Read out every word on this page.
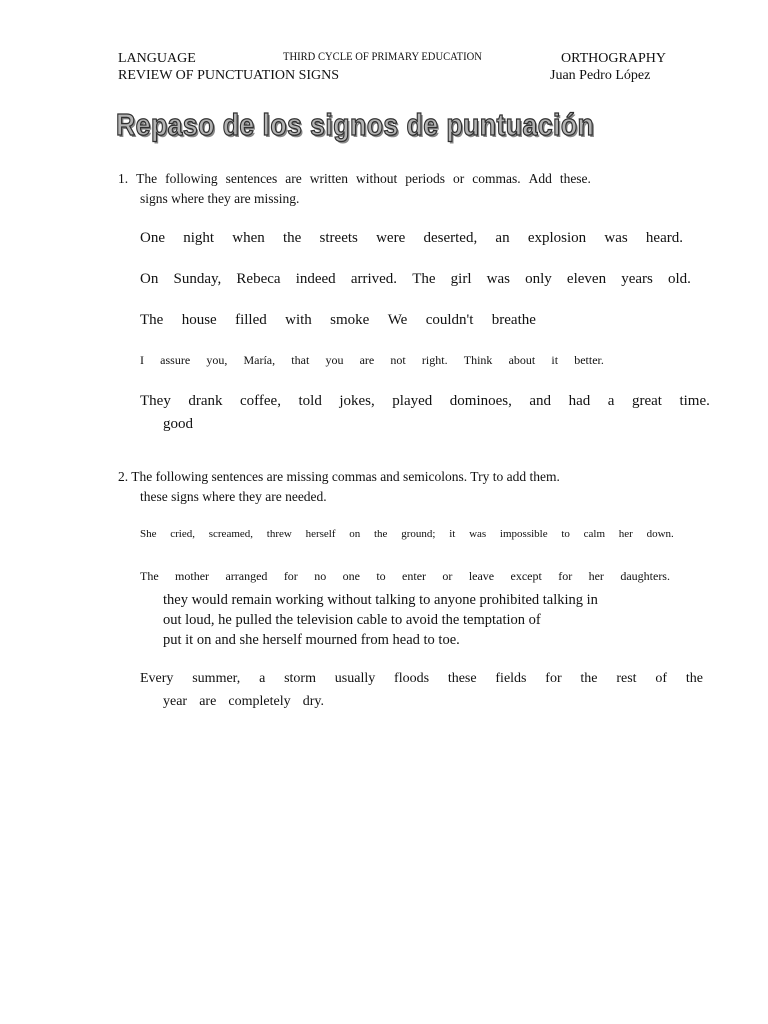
LANGUAGE	THIRD CYCLE OF PRIMARY EDUCATION	ORTHOGRAPHY
REVIEW OF PUNCTUATION SIGNS	Juan Pedro López
Repaso de los signos de puntuación
1. The following sentences are written without periods or commas. Add these.
signs where they are missing.
One night when the streets were deserted, an explosion was heard.
On Sunday, Rebeca indeed arrived. The girl was only eleven years old.
The house filled with smoke We couldn't breathe
I assure you, María, that you are not right. Think about it better.
They drank coffee, told jokes, played dominoes, and had a great time.
good
2. The following sentences are missing commas and semicolons. Try to add them.
these signs where they are needed.
She cried, screamed, threw herself on the ground; it was impossible to calm her down.
The mother arranged for no one to enter or leave except for her daughters.
they would remain working without talking to anyone prohibited talking in
out loud, he pulled the television cable to avoid the temptation of
put it on and she herself mourned from head to toe.
Every summer, a storm usually floods these fields for the rest of the
year are completely dry.
